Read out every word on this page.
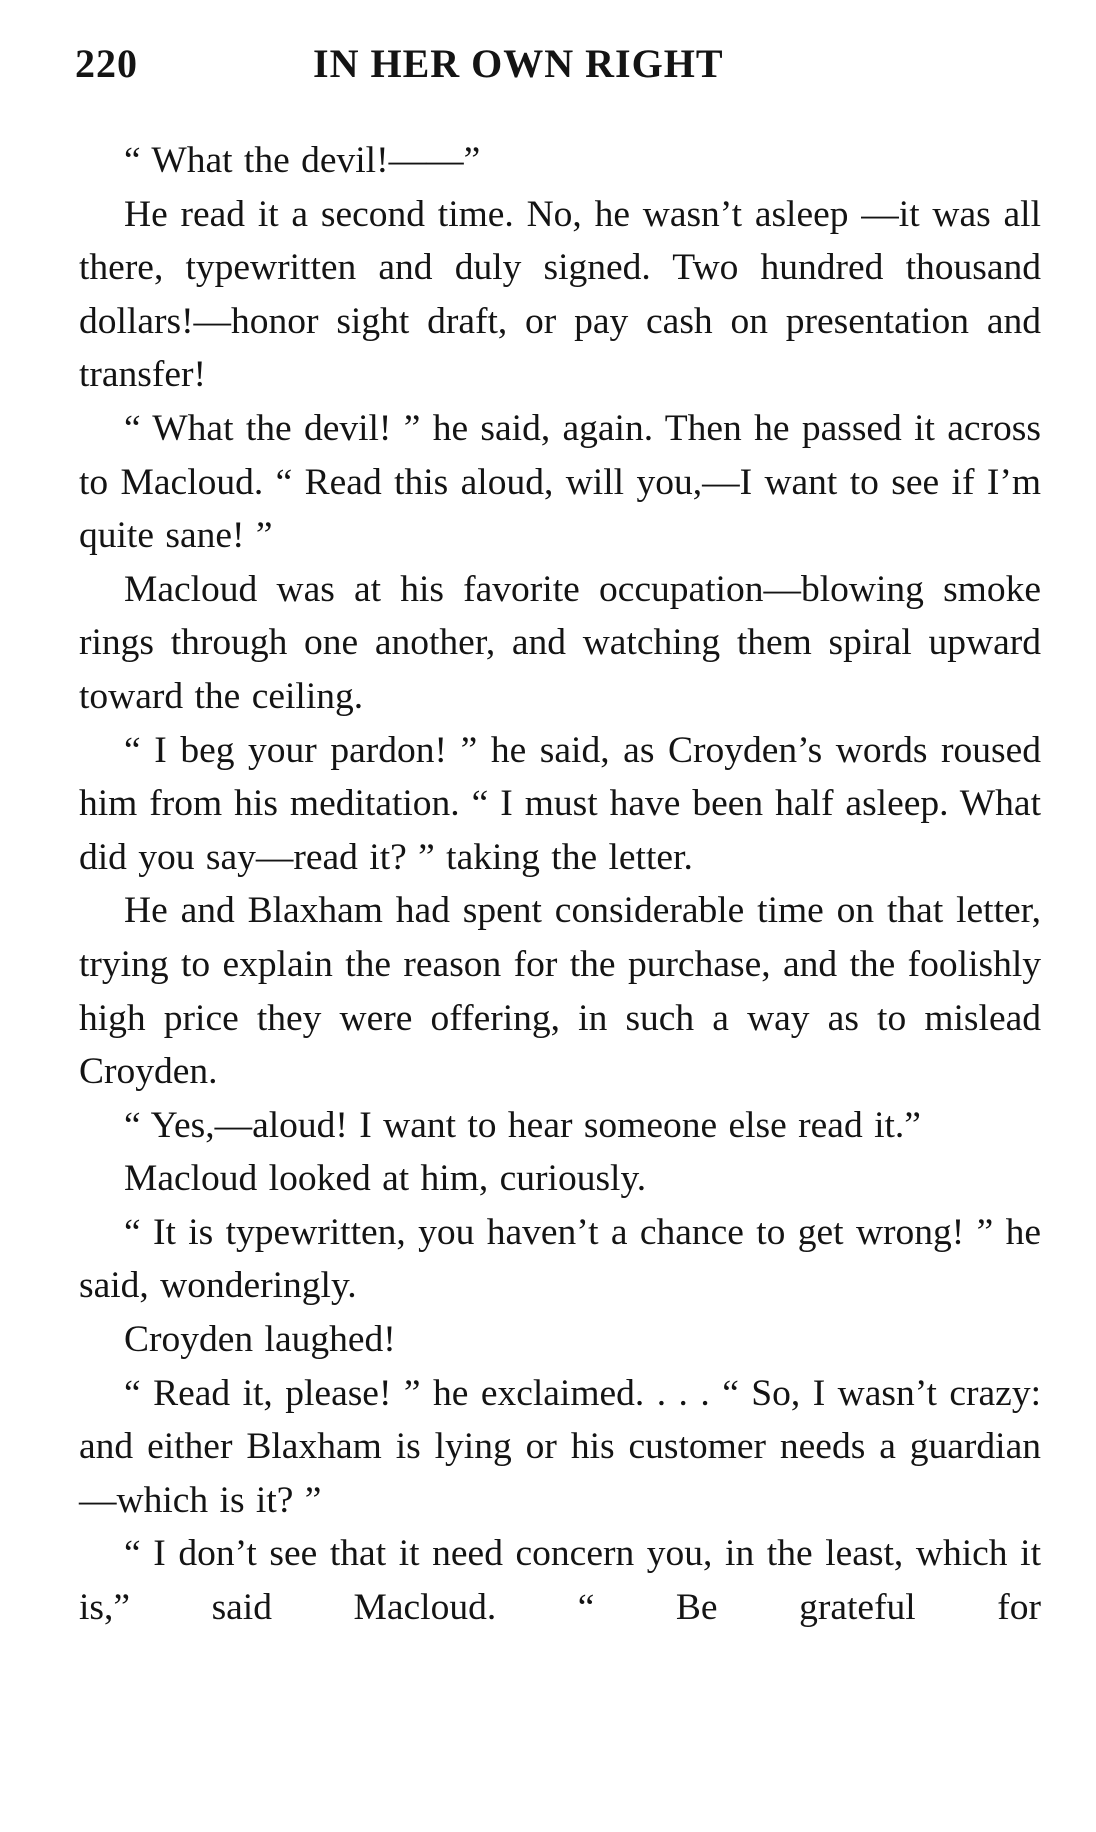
220	IN HER OWN RIGHT

“ What the devil!——”

He read it a second time. No, he wasn’t asleep —it was all there, typewritten and duly signed. Two hundred thousand dollars!—honor sight draft, or pay cash on presentation and transfer!

“ What the devil! ” he said, again. Then he passed it across to Macloud. “ Read this aloud, will you,—I want to see if I’m quite sane! ”

Macloud was at his favorite occupation—blowing smoke rings through one another, and watching them spiral upward toward the ceiling.

“ I beg your pardon! ” he said, as Croyden’s words roused him from his meditation. “ I must have been half asleep. What did you say—read it? ” taking the letter.

He and Blaxham had spent considerable time on that letter, trying to explain the reason for the purchase, and the foolishly high price they were offering, in such a way as to mislead Croyden.

“ Yes,—aloud! I want to hear someone else read it.”

Macloud looked at him, curiously.

“ It is typewritten, you haven’t a chance to get wrong! ” he said, wonderingly.

Croyden laughed!

“ Read it, please! ” he exclaimed. . . . “ So, I wasn’t crazy: and either Blaxham is lying or his customer needs a guardian—which is it? ”

“ I don’t see that it need concern you, in the least, which it is,” said Macloud. “ Be grateful for
